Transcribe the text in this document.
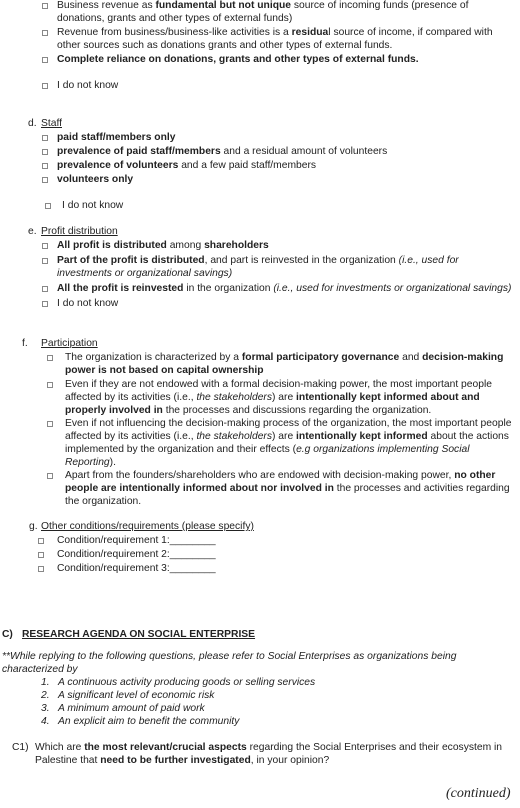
Business revenue as fundamental but not unique source of incoming funds (presence of
donations, grants and other types of external funds)
Revenue from business/business-like activities is a residual source of income, if compared with
other sources such as donations grants and other types of external funds.
Complete reliance on donations, grants and other types of external funds.
I do not know
d. Staff
paid staff/members only
prevalence of paid staff/members and a residual amount of volunteers
prevalence of volunteers and a few paid staff/members
volunteers only
I do not know
e. Profit distribution
All profit is distributed among shareholders
Part of the profit is distributed, and part is reinvested in the organization (i.e., used for
investments or organizational savings)
All the profit is reinvested in the organization (i.e., used for investments or organizational savings)
I do not know
f. Participation
The organization is characterized by a formal participatory governance and decision-making
power is not based on capital ownership
Even if they are not endowed with a formal decision-making power, the most important people
affected by its activities (i.e., the stakeholders) are intentionally kept informed about and
properly involved in the processes and discussions regarding the organization.
Even if not influencing the decision-making process of the organization, the most important people
affected by its activities (i.e., the stakeholders) are intentionally kept informed about the actions
implemented by the organization and their effects (e.g organizations implementing Social
Reporting).
Apart from the founders/shareholders who are endowed with decision-making power, no other
people are intentionally informed about nor involved in the processes and activities regarding
the organization.
g. Other conditions/requirements (please specify)
Condition/requirement 1:________
Condition/requirement 2:________
Condition/requirement 3:________
C) RESEARCH AGENDA ON SOCIAL ENTERPRISE
**While replying to the following questions, please refer to Social Enterprises as organizations being
characterized by
1. A continuous activity producing goods or selling services
2. A significant level of economic risk
3. A minimum amount of paid work
4. An explicit aim to benefit the community
C1) Which are the most relevant/crucial aspects regarding the Social Enterprises and their ecosystem in
Palestine that need to be further investigated, in your opinion?
(continued)
